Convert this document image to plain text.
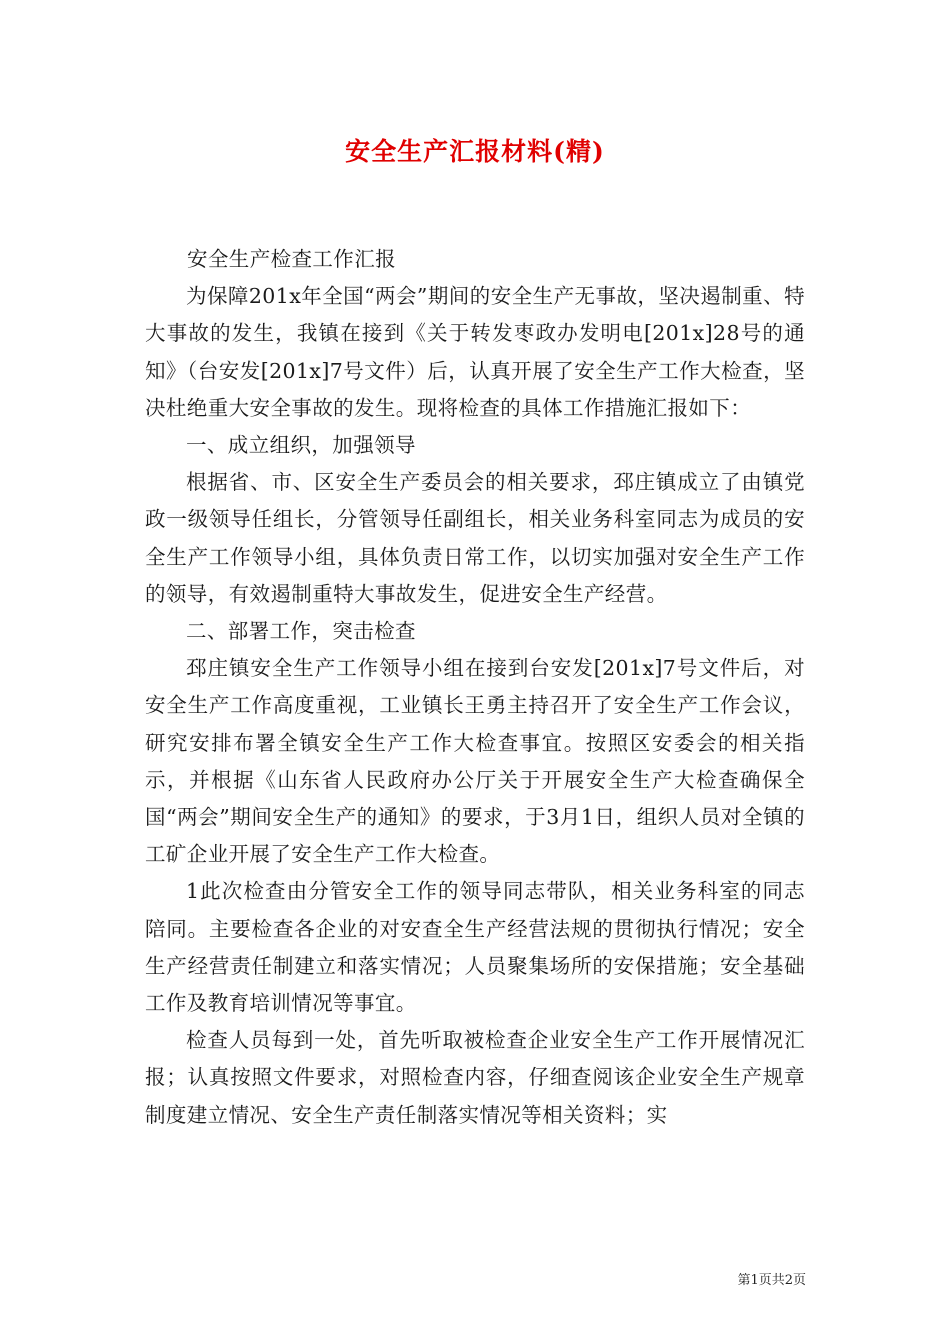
安全生产汇报材料(精)

安全生产检查工作汇报

为保障201x年全国“两会”期间的安全生产无事故，坚决遏制重、特大事故的发生，我镇在接到《关于转发枣政办发明电[201x]28号的通知》（台安发[201x]7号文件）后，认真开展了安全生产工作大检查，坚决杜绝重大安全事故的发生。现将检查的具体工作措施汇报如下：

一、成立组织，加强领导

根据省、市、区安全生产委员会的相关要求，邳庄镇成立了由镇党政一级领导任组长，分管领导任副组长，相关业务科室同志为成员的安全生产工作领导小组，具体负责日常工作，以切实加强对安全生产工作的领导，有效遏制重特大事故发生，促进安全生产经营。

二、部署工作，突击检查

邳庄镇安全生产工作领导小组在接到台安发[201x]7号文件后，对安全生产工作高度重视，工业镇长王勇主持召开了安全生产工作会议，研究安排布署全镇安全生产工作大检查事宜。按照区安委会的相关指示，并根据《山东省人民政府办公厅关于开展安全生产大检查确保全国“两会”期间安全生产的通知》的要求，于3月1日，组织人员对全镇的工矿企业开展了安全生产工作大检查。

1此次检查由分管安全工作的领导同志带队，相关业务科室的同志陪同。主要检查各企业的对安查全生产经营法规的贯彻执行情况；安全生产经营责任制建立和落实情况；人员聚集场所的安保措施；安全基础工作及教育培训情况等事宜。

检查人员每到一处，首先听取被检查企业安全生产工作开展情况汇报；认真按照文件要求，对照检查内容，仔细查阅该企业安全生产规章制度建立情况、安全生产责任制落实情况等相关资料；实

第1页共2页
